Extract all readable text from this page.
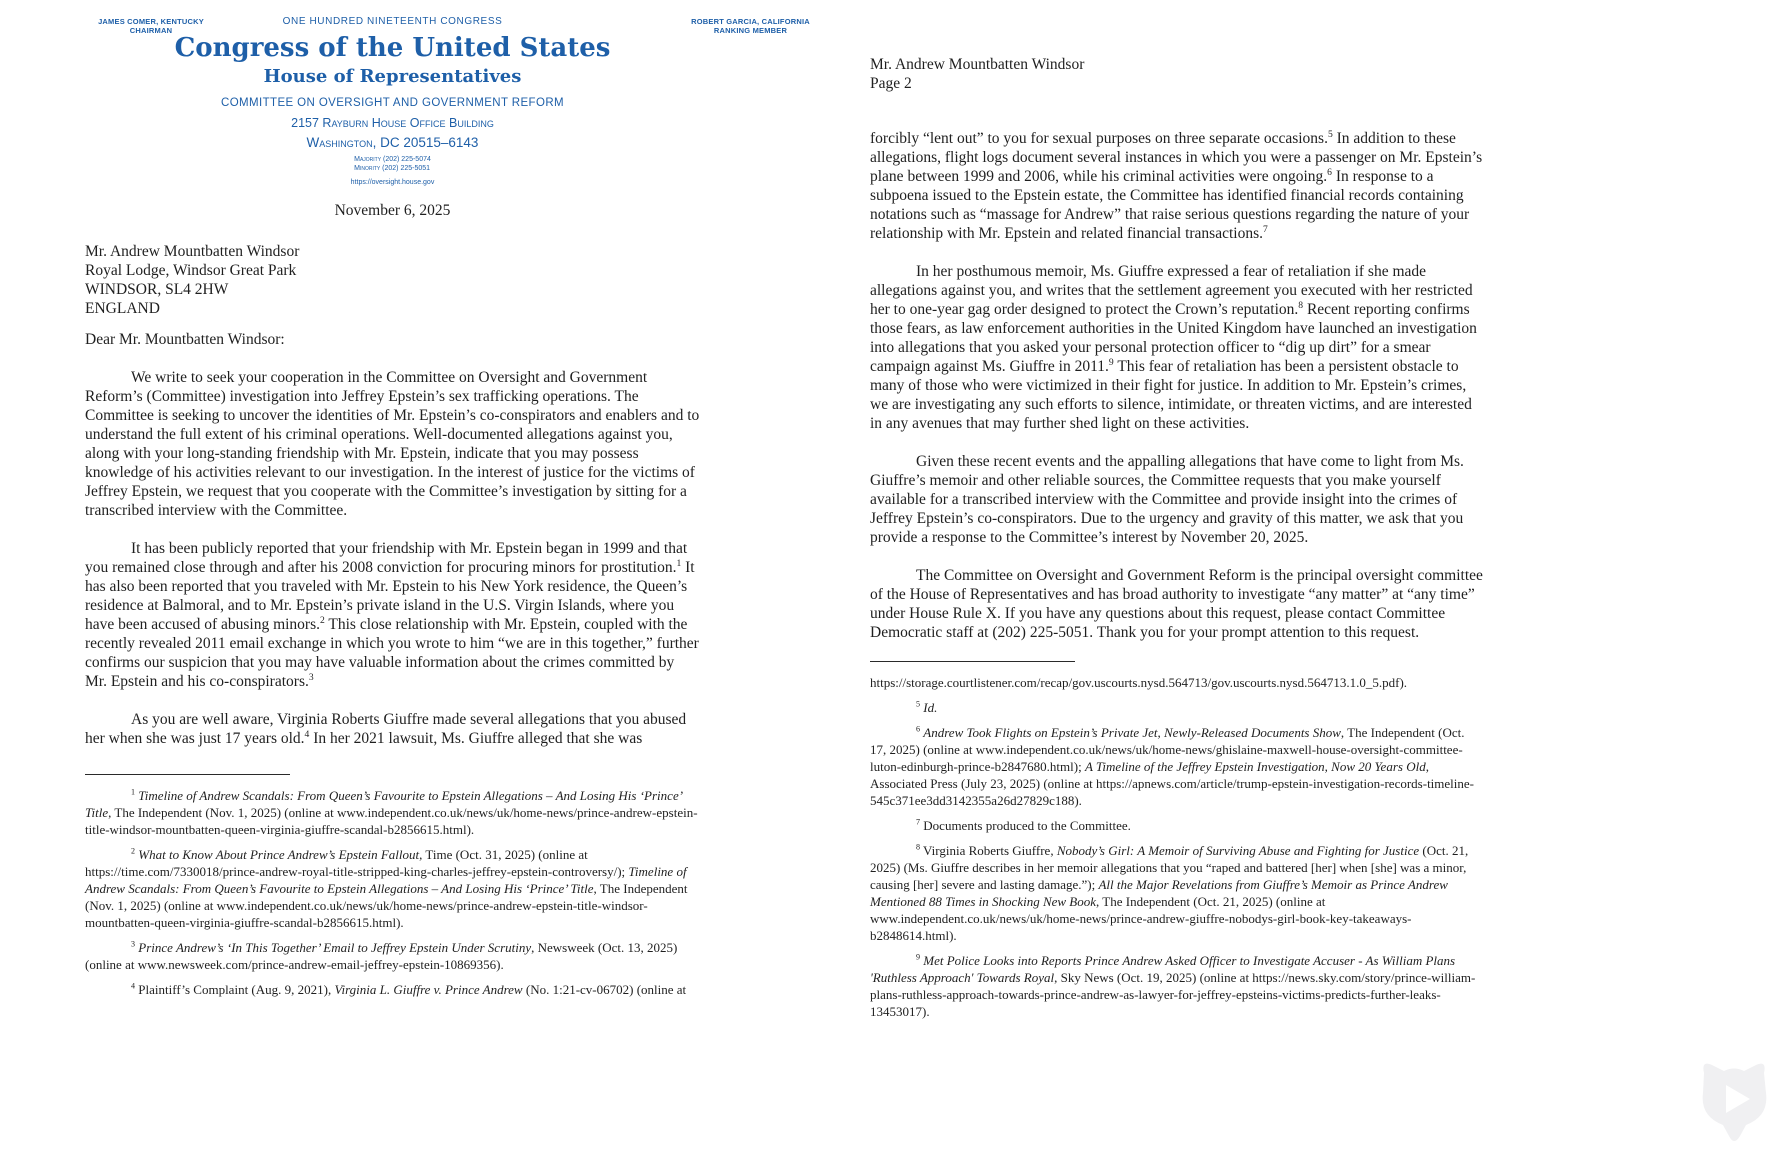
JAMES COMER, KENTUCKY
CHAIRMAN
ROBERT GARCIA, CALIFORNIA
RANKING MEMBER
ONE HUNDRED NINETEENTH CONGRESS
Congress of the United States
House of Representatives
COMMITTEE ON OVERSIGHT AND GOVERNMENT REFORM
2157 Rayburn House Office Building
Washington, DC 20515–6143
Majority (202) 225-5074
Minority (202) 225-5051
https://oversight.house.gov
November 6, 2025
Mr. Andrew Mountbatten Windsor
Royal Lodge, Windsor Great Park
WINDSOR, SL4 2HW
ENGLAND
Dear Mr. Mountbatten Windsor:
We write to seek your cooperation in the Committee on Oversight and Government Reform’s (Committee) investigation into Jeffrey Epstein’s sex trafficking operations. The Committee is seeking to uncover the identities of Mr. Epstein’s co-conspirators and enablers and to understand the full extent of his criminal operations. Well-documented allegations against you, along with your long-standing friendship with Mr. Epstein, indicate that you may possess knowledge of his activities relevant to our investigation. In the interest of justice for the victims of Jeffrey Epstein, we request that you cooperate with the Committee’s investigation by sitting for a transcribed interview with the Committee.
It has been publicly reported that your friendship with Mr. Epstein began in 1999 and that you remained close through and after his 2008 conviction for procuring minors for prostitution.$^1$ It has also been reported that you traveled with Mr. Epstein to his New York residence, the Queen’s residence at Balmoral, and to Mr. Epstein’s private island in the U.S. Virgin Islands, where you have been accused of abusing minors.$^2$ This close relationship with Mr. Epstein, coupled with the recently revealed 2011 email exchange in which you wrote to him “we are in this together,” further confirms our suspicion that you may have valuable information about the crimes committed by Mr. Epstein and his co-conspirators.$^3$
As you are well aware, Virginia Roberts Giuffre made several allegations that you abused her when she was just 17 years old.$^4$ In her 2021 lawsuit, Ms. Giuffre alleged that she was
$^1$ Timeline of Andrew Scandals: From Queen’s Favourite to Epstein Allegations – And Losing His ‘Prince’ Title, The Independent (Nov. 1, 2025) (online at www.independent.co.uk/news/uk/home-news/prince-andrew-epstein-title-windsor-mountbatten-queen-virginia-giuffre-scandal-b2856615.html).
$^2$ What to Know About Prince Andrew’s Epstein Fallout, Time (Oct. 31, 2025) (online at https://time.com/7330018/prince-andrew-royal-title-stripped-king-charles-jeffrey-epstein-controversy/); Timeline of Andrew Scandals: From Queen’s Favourite to Epstein Allegations – And Losing His ‘Prince’ Title, The Independent (Nov. 1, 2025) (online at www.independent.co.uk/news/uk/home-news/prince-andrew-epstein-title-windsor-mountbatten-queen-virginia-giuffre-scandal-b2856615.html).
$^3$ Prince Andrew’s ‘In This Together’ Email to Jeffrey Epstein Under Scrutiny, Newsweek (Oct. 13, 2025) (online at www.newsweek.com/prince-andrew-email-jeffrey-epstein-10869356).
$^4$ Plaintiff’s Complaint (Aug. 9, 2021), Virginia L. Giuffre v. Prince Andrew (No. 1:21-cv-06702) (online at
Mr. Andrew Mountbatten Windsor
Page 2
forcibly “lent out” to you for sexual purposes on three separate occasions.$^5$ In addition to these allegations, flight logs document several instances in which you were a passenger on Mr. Epstein’s plane between 1999 and 2006, while his criminal activities were ongoing.$^6$ In response to a subpoena issued to the Epstein estate, the Committee has identified financial records containing notations such as “massage for Andrew” that raise serious questions regarding the nature of your relationship with Mr. Epstein and related financial transactions.$^7$
In her posthumous memoir, Ms. Giuffre expressed a fear of retaliation if she made allegations against you, and writes that the settlement agreement you executed with her restricted her to one-year gag order designed to protect the Crown’s reputation.$^8$ Recent reporting confirms those fears, as law enforcement authorities in the United Kingdom have launched an investigation into allegations that you asked your personal protection officer to “dig up dirt” for a smear campaign against Ms. Giuffre in 2011.$^9$ This fear of retaliation has been a persistent obstacle to many of those who were victimized in their fight for justice. In addition to Mr. Epstein’s crimes, we are investigating any such efforts to silence, intimidate, or threaten victims, and are interested in any avenues that may further shed light on these activities.
Given these recent events and the appalling allegations that have come to light from Ms. Giuffre’s memoir and other reliable sources, the Committee requests that you make yourself available for a transcribed interview with the Committee and provide insight into the crimes of Jeffrey Epstein’s co-conspirators. Due to the urgency and gravity of this matter, we ask that you provide a response to the Committee’s interest by November 20, 2025.
The Committee on Oversight and Government Reform is the principal oversight committee of the House of Representatives and has broad authority to investigate “any matter” at “any time” under House Rule X. If you have any questions about this request, please contact Committee Democratic staff at (202) 225-5051. Thank you for your prompt attention to this request.
https://storage.courtlistener.com/recap/gov.uscourts.nysd.564713/gov.uscourts.nysd.564713.1.0_5.pdf).
$^5$ Id.
$^6$ Andrew Took Flights on Epstein’s Private Jet, Newly-Released Documents Show, The Independent (Oct. 17, 2025) (online at www.independent.co.uk/news/uk/home-news/ghislaine-maxwell-house-oversight-committee-luton-edinburgh-prince-b2847680.html); A Timeline of the Jeffrey Epstein Investigation, Now 20 Years Old, Associated Press (July 23, 2025) (online at https://apnews.com/article/trump-epstein-investigation-records-timeline-545c371ee3dd3142355a26d27829c188).
$^7$ Documents produced to the Committee.
$^8$ Virginia Roberts Giuffre, Nobody’s Girl: A Memoir of Surviving Abuse and Fighting for Justice (Oct. 21, 2025) (Ms. Giuffre describes in her memoir allegations that you “raped and battered [her] when [she] was a minor, causing [her] severe and lasting damage.”); All the Major Revelations from Giuffre’s Memoir as Prince Andrew Mentioned 88 Times in Shocking New Book, The Independent (Oct. 21, 2025) (online at www.independent.co.uk/news/uk/home-news/prince-andrew-giuffre-nobodys-girl-book-key-takeaways-b2848614.html).
$^9$ Met Police Looks into Reports Prince Andrew Asked Officer to Investigate Accuser - As William Plans 'Ruthless Approach' Towards Royal, Sky News (Oct. 19, 2025) (online at https://news.sky.com/story/prince-william-plans-ruthless-approach-towards-prince-andrew-as-lawyer-for-jeffrey-epsteins-victims-predicts-further-leaks-13453017).
